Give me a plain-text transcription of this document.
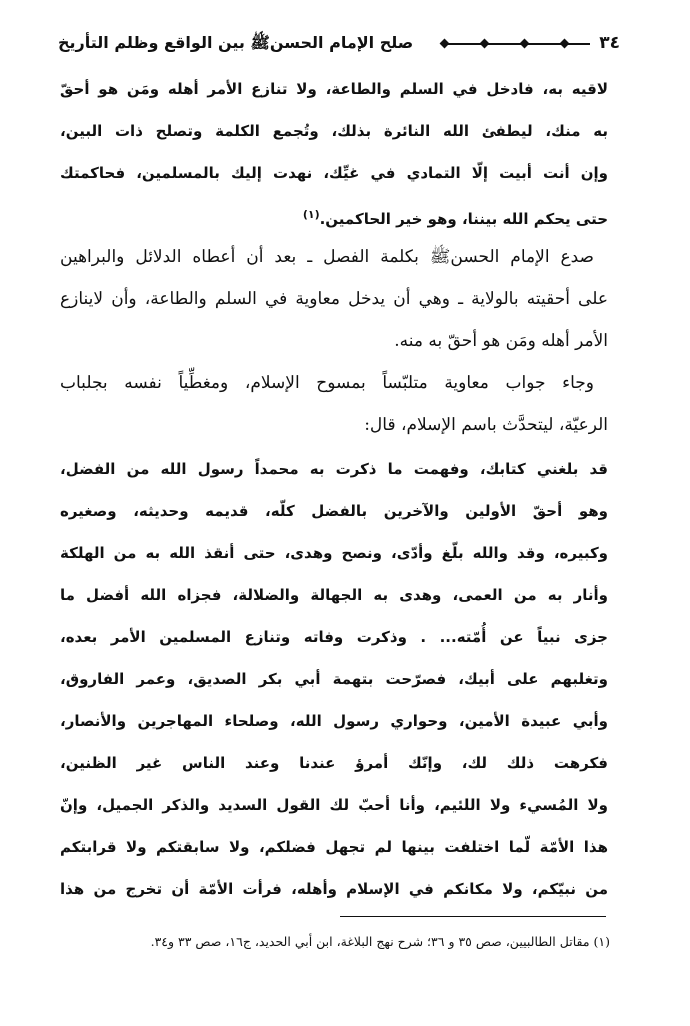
٣٤
صلح الإمام الحسنﷺ بين الواقع وظلم التأريخ
لاقيه به، فادخل في السلم والطاعة، ولا تنازع الأمر أهله ومَن هو أحقّ
به منك، ليطفئ الله النائرة بذلك، وتُجمع الكلمة وتصلح ذات البين،
وإن أنت أبيت إلّا التمادي في غيِّك، نهدت إليك بالمسلمين، فحاكمتك
حتى يحكم الله بيننا، وهو خير الحاكمين.$^{(١)}$
صدع الإمام الحسنﷺ بكلمة الفصل ـ بعد أن أعطاه الدلائل والبراهين
على أحقيته بالولاية ـ وهي أن يدخل معاوية في السلم والطاعة، وأن لاينازع
الأمر أهله ومَن هو أحقّ به منه.
وجاء جواب معاوية متلبّساً بمسوح الإسلام، ومغطِّياً نفسه بجلباب
الرعيّة، ليتحدَّث باسم الإسلام، قال:
قد بلغني كتابك، وفهمت ما ذكرت به محمداً رسول الله من الفضل،
وهو أحقّ الأولين والآخرين بالفضل كلّه، قديمه وحديثه، وصغيره
وكبيره، وقد والله بلّغ وأدّى، ونصح وهدى، حتى أنقذ الله به من الهلكة
وأنار به من العمى، وهدى به الجهالة والضلالة، فجزاه الله أفضل ما
جزى نبياً عن أُمّته... . وذكرت وفاته وتنازع المسلمين الأمر بعده،
وتغلبهم على أبيك، فصرّحت بتهمة أبي بكر الصديق، وعمر الفاروق،
وأبي عبيدة الأمين، وحواري رسول الله، وصلحاء المهاجرين والأنصار،
فكرهت ذلك لك، وإنّك أمرؤ عندنا وعند الناس غير الظنين،
ولا المُسيء ولا اللئيم، وأنا أحبّ لك القول السديد والذكر الجميل، وإنّ
هذا الأمّة لّما اختلفت بينها لم تجهل فضلكم، ولا سابقتكم ولا قرابتكم
من نبيّكم، ولا مكانكم في الإسلام وأهله، فرأت الأمّة أن تخرج من هذا
(١) مقاتل الطالبيين، صص ٣٥ و ٣٦؛ شرح نهج البلاغة، ابن أبي الحديد، ج١٦، صص ٣٣ و٣٤.
